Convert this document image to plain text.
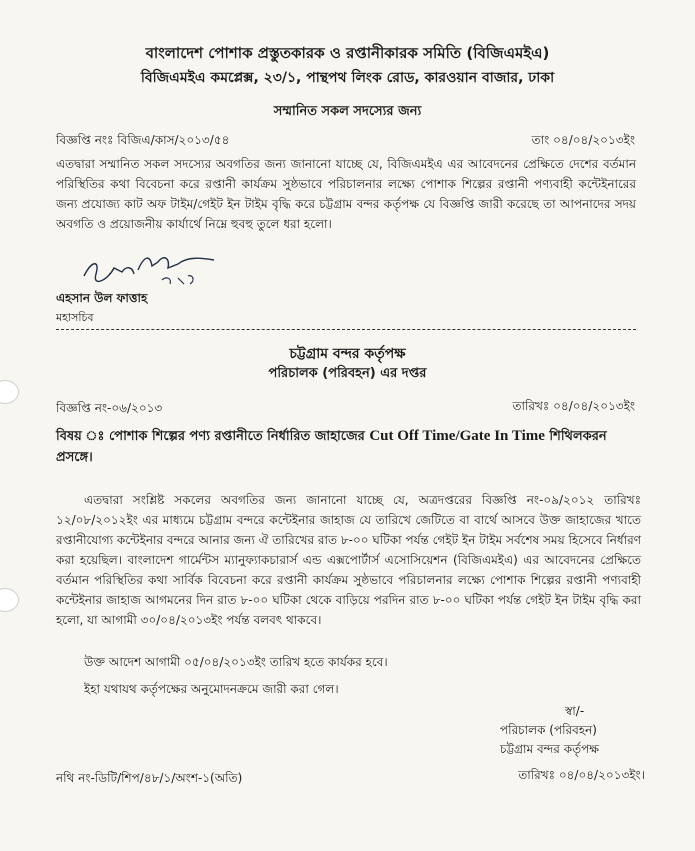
বাংলাদেশ পোশাক প্রস্তুতকারক ও রপ্তানীকারক সমিতি (বিজিএমইএ)
বিজিএমইএ কমপ্লেক্স, ২৩/১, পান্থপথ লিংক রোড, কারওয়ান বাজার, ঢাকা
সম্মানিত সকল সদস্যের জন্য
বিজ্ঞপ্তি নংঃ বিজিএ/কাস/২০১৩/৫৪	তাং ০৪/০৪/২০১৩ইং

এতদ্বারা সম্মানিত সকল সদস্যের অবগতির জন্য জানানো যাচ্ছে যে, বিজিএমইএ এর আবেদনের প্রেক্ষিতে দেশের বর্তমান পরিস্থিতির কথা বিবেচনা করে রপ্তানী কার্যক্রম সুষ্ঠভাবে পরিচালনার লক্ষ্যে পোশাক শিল্পের রপ্তানী পণ্যবাহী কন্টেইনারের জন্য প্রযোজ্য কাট অফ টাইম/গেইট ইন টাইম বৃদ্ধি করে চট্টগ্রাম বন্দর কর্তৃপক্ষ যে বিজ্ঞপ্তি জারী করেছে তা আপনাদের সদয় অবগতি ও প্রয়োজনীয় কার্যার্থে নিম্নে হুবহু তুলে ধরা হলো।

এহসান উল ফাত্তাহ
মহাসচিব
চট্টগ্রাম বন্দর কর্তৃপক্ষ
পরিচালক (পরিবহন) এর দপ্তর
বিজ্ঞপ্তি নং-০৬/২০১৩	তারিখঃ ০৪/০৪/২০১৩ইং

বিষয় ঃ পোশাক শিল্পের পণ্য রপ্তানীতে নির্ধারিত জাহাজের Cut Off Time/Gate In Time শিথিলকরন প্রসঙ্গে।

এতদ্বারা সংশ্লিষ্ট সকলের অবগতির জন্য জানানো যাচ্ছে যে, অত্রদপ্তরের বিজ্ঞপ্তি নং-০৯/২০১২ তারিখঃ ১২/০৮/২০১২ইং এর মাধ্যমে চট্টগ্রাম বন্দরে কন্টেইনার জাহাজ যে তারিখে জেটিতে বা বার্থে আসবে উক্ত জাহাজের খাতে রপ্তানীযোগ্য কন্টেইনার বন্দরে আনার জন্য ঐ তারিখের রাত ৮-০০ ঘটিকা পর্যন্ত গেইট ইন টাইম সর্বশেষ সময় হিসেবে নির্ধারণ করা হয়েছিল। বাংলাদেশ গার্মেন্টস ম্যানুফ্যাকচারার্স এন্ড এক্সপোর্টার্স এসোসিয়েশন (বিজিএমইএ) এর আবেদনের প্রেক্ষিতে বর্তমান পরিস্থিতির কথা সার্বিক বিবেচনা করে রপ্তানী কার্যক্রম সুষ্ঠভাবে পরিচালনার লক্ষ্যে পোশাক শিল্পের রপ্তানী পণ্যবাহী কন্টেইনার জাহাজ আগমনের দিন রাত ৮-০০ ঘটিকা থেকে বাড়িয়ে পরদিন রাত ৮-০০ ঘটিকা পর্যন্ত গেইট ইন টাইম বৃদ্ধি করা হলো, যা আগামী ৩০/০৪/২০১৩ইং পর্যন্ত বলবৎ থাকবে।

উক্ত আদেশ আগামী ০৫/০৪/২০১৩ইং তারিখ হতে কার্যকর হবে।
ইহা যথাযথ কর্তৃপক্ষের অনুমোদনক্রমে জারী করা গেল।
স্বা/-
পরিচালক (পরিবহন)
চট্টগ্রাম বন্দর কর্তৃপক্ষ
নথি নং-ডিটি/শিপ/৪৮/১/অংশ-১(অতি)	তারিখঃ ০৪/০৪/২০১৩ইং।
